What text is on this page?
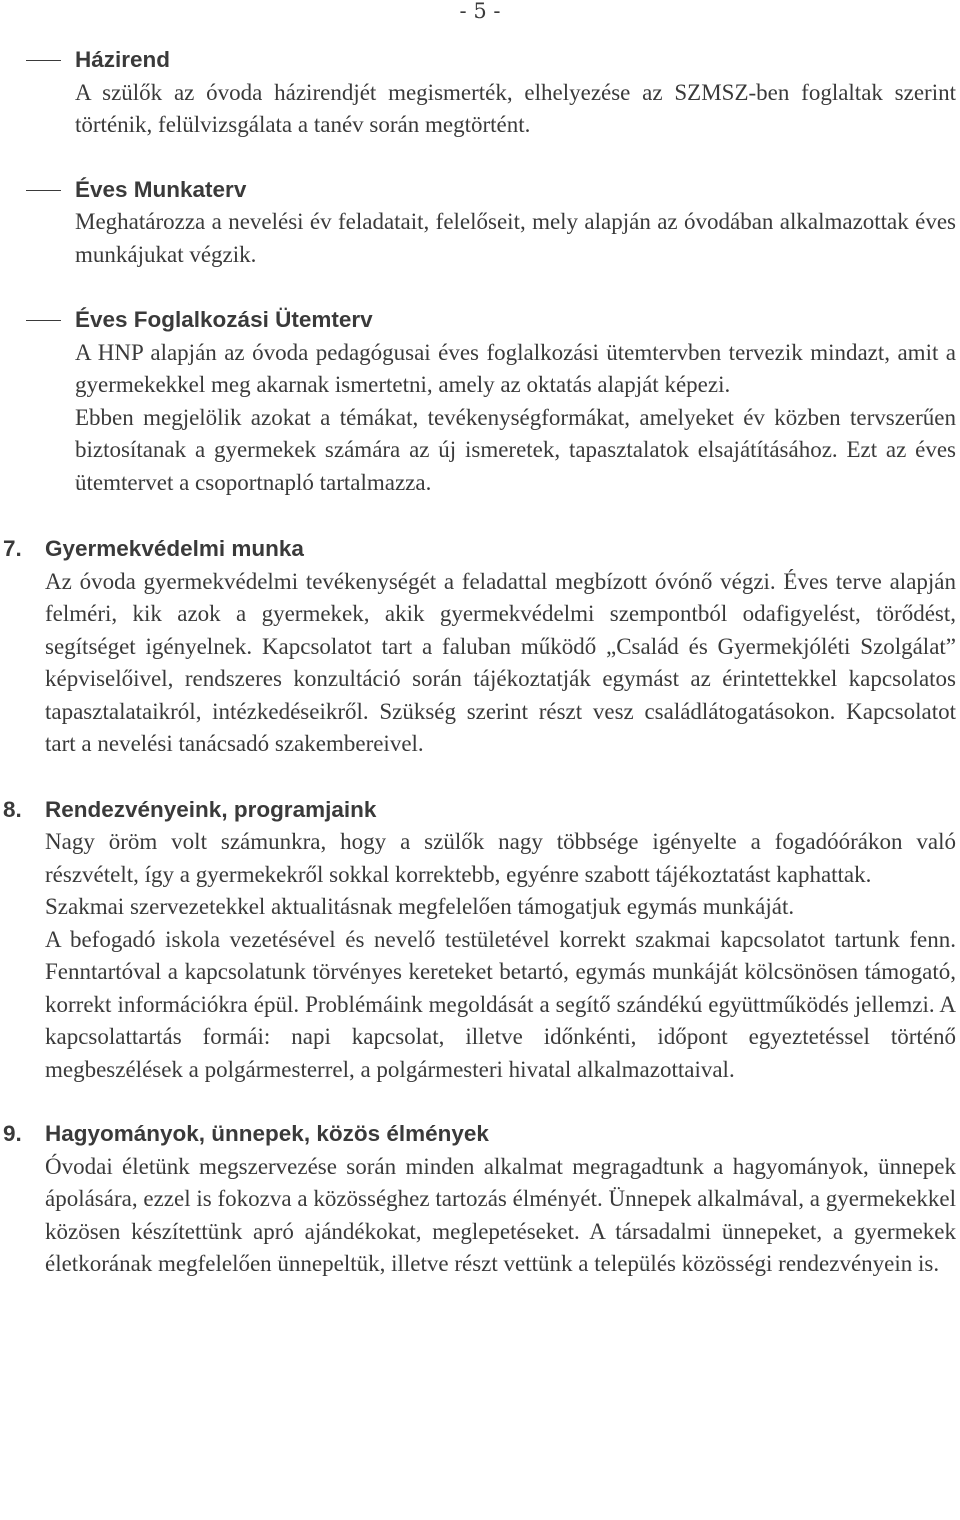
- 5 -
Házirend
A szülők az óvoda házirendjét megismerték, elhelyezése az SZMSZ-ben foglaltak szerint történik, felülvizsgálata a tanév során megtörtént.
Éves Munkaterv
Meghatározza a nevelési év feladatait, felelőseit, mely alapján az óvodában alkalmazottak éves munkájukat végzik.
Éves Foglalkozási Ütemterv
A HNP alapján az óvoda pedagógusai éves foglalkozási ütemtervben tervezik mindazt, amit a gyermekekkel meg akarnak ismertetni, amely az oktatás alapját képezi.
Ebben megjelölik azokat a témákat, tevékenységformákat, amelyeket év közben tervszerűen biztosítanak a gyermekek számára az új ismeretek, tapasztalatok elsajátításához. Ezt az éves ütemtervet a csoportnapló tartalmazza.
7. Gyermekvédelmi munka
Az óvoda gyermekvédelmi tevékenységét a feladattal megbízott óvónő végzi. Éves terve alapján felméri, kik azok a gyermekek, akik gyermekvédelmi szempontból odafigyelést, törődést, segítséget igényelnek. Kapcsolatot tart a faluban működő „Család és Gyermekjóléti Szolgálat” képviselőivel, rendszeres konzultáció során tájékoztatják egymást az érintettekkel kapcsolatos tapasztalataikról, intézkedéseikről. Szükség szerint részt vesz családlátogatásokon. Kapcsolatot tart a nevelési tanácsadó szakembereivel.
8. Rendezvényeink, programjaink
Nagy öröm volt számunkra, hogy a szülők nagy többsége igényelte a fogadóórákon való részvételt, így a gyermekekről sokkal korrektebb, egyénre szabott tájékoztatást kaphattak.
Szakmai szervezetekkel aktualitásnak megfelelően támogatjuk egymás munkáját.
A befogadó iskola vezetésével és nevelő testületével korrekt szakmai kapcsolatot tartunk fenn. Fenntartóval a kapcsolatunk törvényes kereteket betartó, egymás munkáját kölcsönösen támogató, korrekt információkra épül. Problémáink megoldását a segítő szándékú együttműködés jellemzi. A kapcsolattartás formái: napi kapcsolat, illetve időnkénti, időpont egyeztetéssel történő megbeszélések a polgármesterrel, a polgármesteri hivatal alkalmazottaival.
9. Hagyományok, ünnepek, közös élmények
Óvodai életünk megszervezése során minden alkalmat megragadtunk a hagyományok, ünnepek ápolására, ezzel is fokozva a közösséghez tartozás élményét. Ünnepek alkalmával, a gyermekekkel közösen készítettünk apró ajándékokat, meglepetéseket. A társadalmi ünnepeket, a gyermekek életkorának megfelelően ünnepeltük, illetve részt vettünk a település közösségi rendezvényein is.
